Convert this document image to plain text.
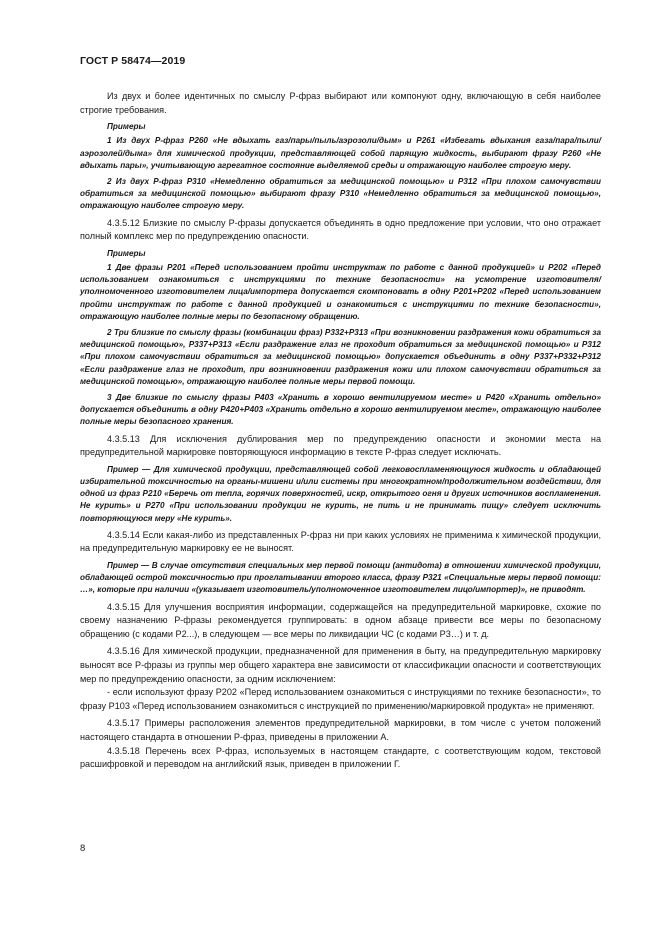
ГОСТ Р 58474—2019
Из двух и более идентичных по смыслу Р-фраз выбирают или компонуют одну, включающую в себя наиболее строгие требования.
Примеры
1 Из двух Р-фраз Р260 «Не вдыхать газ/пары/пыль/аэрозоли/дым» и Р261 «Избегать вдыхания газа/пара/пыли/аэрозолей/дыма» для химической продукции, представляющей собой парящую жидкость, выбирают фразу Р260 «Не вдыхать пары», учитывающую агрегатное состояние выделяемой среды и отражающую наиболее строгую меру.
2 Из двух Р-фраз Р310 «Немедленно обратиться за медицинской помощью» и Р312 «При плохом самочувствии обратиться за медицинской помощью» выбирают фразу Р310 «Немедленно обратиться за медицинской помощью», отражающую наиболее строгую меру.
4.3.5.12 Близкие по смыслу Р-фразы допускается объединять в одно предложение при условии, что оно отражает полный комплекс мер по предупреждению опасности.
Примеры
1 Две фразы Р201 «Перед использованием пройти инструктаж по работе с данной продукцией» и Р202 «Перед использованием ознакомиться с инструкциями по технике безопасности» на усмотрение изготовителя/уполномоченного изготовителем лица/импортера допускается скомпоновать в одну Р201+Р202 «Перед использованием пройти инструктаж по работе с данной продукцией и ознакомиться с инструкциями по технике безопасности», отражающую наиболее полные меры по безопасному обращению.
2 Три близкие по смыслу фразы (комбинации фраз) Р332+Р313 «При возникновении раздражения кожи обратиться за медицинской помощью», Р337+Р313 «Если раздражение глаз не проходит обратиться за медицинской помощью» и Р312 «При плохом самочувствии обратиться за медицинской помощью» допускается объединить в одну Р337+Р332+Р312 «Если раздражение глаз не проходит, при возникновении раздражения кожи или плохом самочувствии обратиться за медицинской помощью», отражающую наиболее полные меры первой помощи.
3 Две близкие по смыслу фразы Р403 «Хранить в хорошо вентилируемом месте» и Р420 «Хранить отдельно» допускается объединить в одну Р420+Р403 «Хранить отдельно в хорошо вентилируемом месте», отражающую наиболее полные меры безопасного хранения.
4.3.5.13 Для исключения дублирования мер по предупреждению опасности и экономии места на предупредительной маркировке повторяющуюся информацию в тексте Р-фраз следует исключать.
Пример — Для химической продукции, представляющей собой легковоспламеняющуюся жидкость и обладающей избирательной токсичностью на органы-мишени и/или системы при многократном/продолжительном воздействии, для одной из фраз Р210 «Беречь от тепла, горячих поверхностей, искр, открытого огня и других источников воспламенения. Не курить» и Р270 «При использовании продукции не курить, не пить и не принимать пищу» следует исключить повторяющуюся меру «Не курить».
4.3.5.14 Если какая-либо из представленных Р-фраз ни при каких условиях не применима к химической продукции, на предупредительную маркировку ее не выносят.
Пример — В случае отсутствия специальных мер первой помощи (антидота) в отношении химической продукции, обладающей острой токсичностью при проглатывании второго класса, фразу Р321 «Специальные меры первой помощи: …», которые при наличии «(указывает изготовитель/уполномоченное изготовителем лицо/импортер)», не приводят.
4.3.5.15 Для улучшения восприятия информации, содержащейся на предупредительной маркировке, схожие по своему назначению Р-фразы рекомендуется группировать: в одном абзаце привести все меры по безопасному обращению (с кодами Р2...), в следующем — все меры по ликвидации ЧС (с кодами Р3…) и т. д.
4.3.5.16 Для химической продукции, предназначенной для применения в быту, на предупредительную маркировку выносят все Р-фразы из группы мер общего характера вне зависимости от классификации опасности и соответствующих мер по предупреждению опасности, за одним исключением:
- если используют фразу Р202 «Перед использованием ознакомиться с инструкциями по технике безопасности», то фразу Р103 «Перед использованием ознакомиться с инструкцией по применению/маркировкой продукта» не применяют.
4.3.5.17 Примеры расположения элементов предупредительной маркировки, в том числе с учетом положений настоящего стандарта в отношении Р-фраз, приведены в приложении А.
4.3.5.18 Перечень всех Р-фраз, используемых в настоящем стандарте, с соответствующим кодом, текстовой расшифровкой и переводом на английский язык, приведен в приложении Г.
8
